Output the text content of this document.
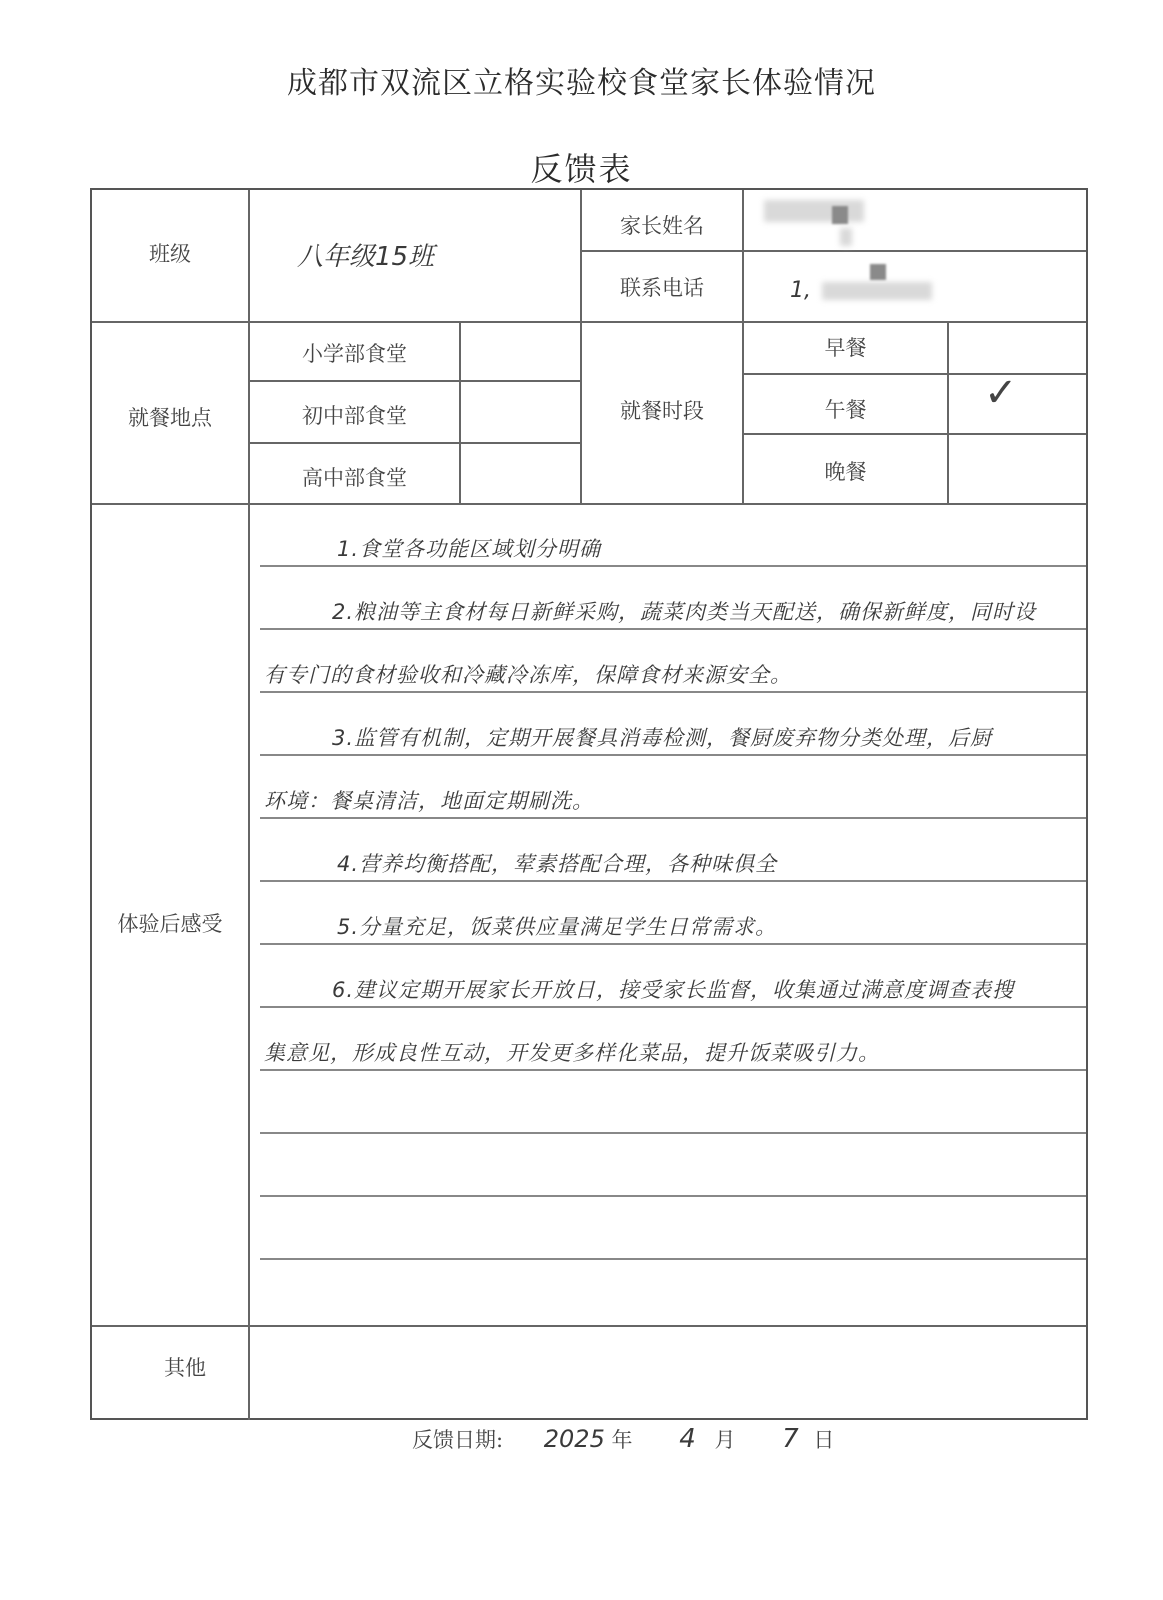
成都市双流区立格实验校食堂家长体验情况
反馈表
班级	八年级15班
家长姓名
联系电话	1,
就餐地点
小学部食堂
初中部食堂
高中部食堂
就餐时段
早餐
午餐
晚餐
✓
体验后感受
1.食堂各功能区域划分明确
2.粮油等主食材每日新鲜采购，蔬菜肉类当天配送，确保新鲜度，同时设
有专门的食材验收和冷藏冷冻库，保障食材来源安全。
3.监管有机制，定期开展餐具消毒检测，餐厨废弃物分类处理，后厨
环境：餐桌清洁，地面定期刷洗。
4.营养均衡搭配，荤素搭配合理，各种味俱全
5.分量充足，饭菜供应量满足学生日常需求。
6.建议定期开展家长开放日，接受家长监督，收集通过满意度调查表搜
集意见，形成良性互动，开发更多样化菜品，提升饭菜吸引力。
其他
反馈日期: 2025 年 4 月 7 日
